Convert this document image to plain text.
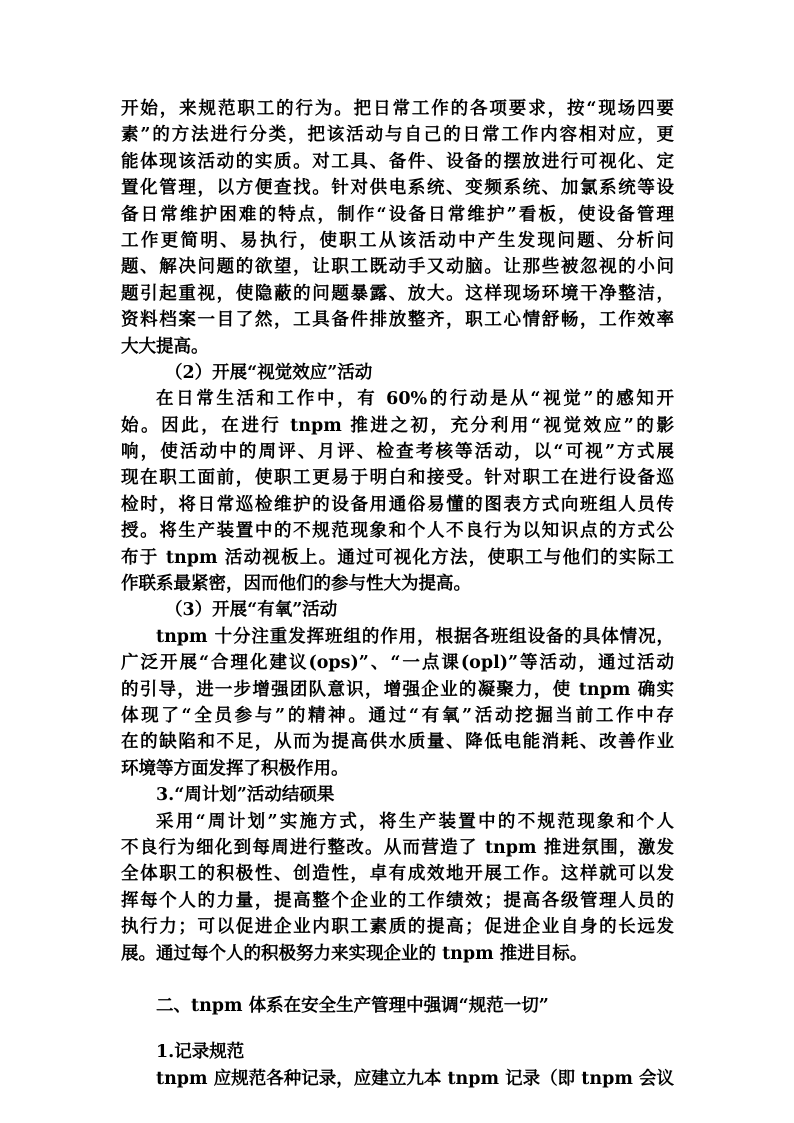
开始，来规范职工的行为。把日常工作的各项要求，按“现场四要
素”的方法进行分类，把该活动与自己的日常工作内容相对应，更
能体现该活动的实质。对工具、备件、设备的摆放进行可视化、定
置化管理，以方便查找。针对供电系统、变频系统、加氯系统等设
备日常维护困难的特点，制作“设备日常维护”看板，使设备管理
工作更简明、易执行，使职工从该活动中产生发现问题、分析问
题、解决问题的欲望，让职工既动手又动脑。让那些被忽视的小问
题引起重视，使隐蔽的问题暴露、放大。这样现场环境干净整洁，
资料档案一目了然，工具备件排放整齐，职工心情舒畅，工作效率
大大提高。
（2）开展“视觉效应”活动
在日常生活和工作中，有 60%的行动是从“视觉”的感知开
始。因此，在进行 tnpm 推进之初，充分利用“视觉效应”的影
响，使活动中的周评、月评、检查考核等活动，以“可视”方式展
现在职工面前，使职工更易于明白和接受。针对职工在进行设备巡
检时，将日常巡检维护的设备用通俗易懂的图表方式向班组人员传
授。将生产装置中的不规范现象和个人不良行为以知识点的方式公
布于 tnpm 活动视板上。通过可视化方法，使职工与他们的实际工
作联系最紧密，因而他们的参与性大为提高。
（3）开展“有氧”活动
tnpm 十分注重发挥班组的作用，根据各班组设备的具体情况，
广泛开展“合理化建议(ops)”、“一点课(opl)”等活动，通过活动
的引导，进一步增强团队意识，增强企业的凝聚力，使 tnpm 确实
体现了“全员参与”的精神。通过“有氧”活动挖掘当前工作中存
在的缺陷和不足，从而为提高供水质量、降低电能消耗、改善作业
环境等方面发挥了积极作用。
3.“周计划”活动结硕果
采用“周计划”实施方式，将生产装置中的不规范现象和个人
不良行为细化到每周进行整改。从而营造了 tnpm 推进氛围，激发
全体职工的积极性、创造性，卓有成效地开展工作。这样就可以发
挥每个人的力量，提高整个企业的工作绩效；提高各级管理人员的
执行力；可以促进企业内职工素质的提高；促进企业自身的长远发
展。通过每个人的积极努力来实现企业的 tnpm 推进目标。
二、tnpm 体系在安全生产管理中强调“规范一切”
1.记录规范
tnpm 应规范各种记录，应建立九本 tnpm 记录（即 tnpm 会议
